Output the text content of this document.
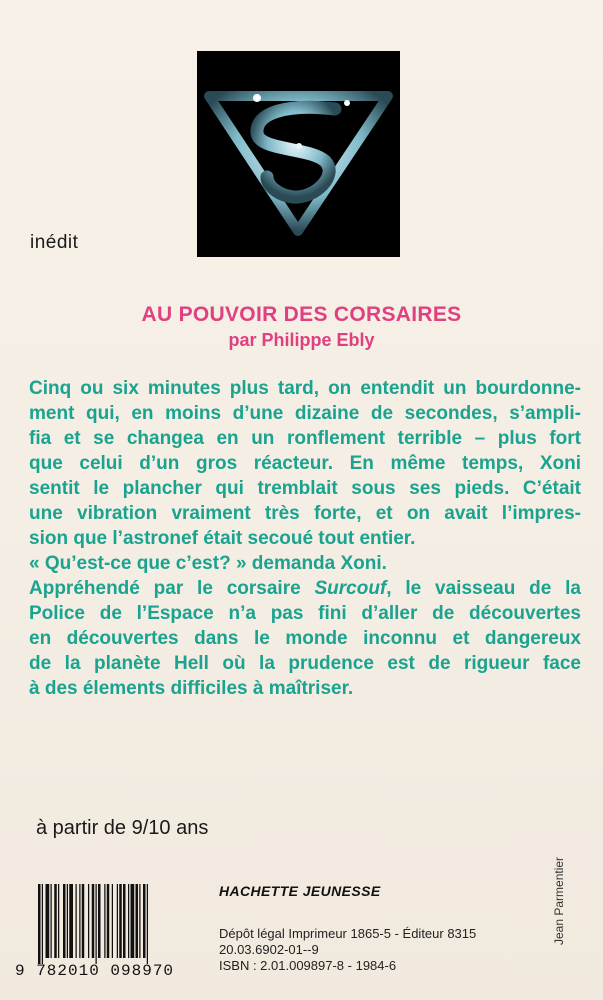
inédit
AU POUVOIR DES CORSAIRES
par Philippe Ebly
Cinq ou six minutes plus tard, on entendit un bourdonne-
ment qui, en moins d’une dizaine de secondes, s’ampli-
fia et se changea en un ronflement terrible – plus fort
que celui d’un gros réacteur. En même temps, Xoni
sentit le plancher qui tremblait sous ses pieds. C’était
une vibration vraiment très forte, et on avait l’impres-
sion que l’astronef était secoué tout entier.
« Qu’est-ce que c’est? » demanda Xoni.
Appréhendé par le corsaire Surcouf, le vaisseau de la
Police de l’Espace n’a pas fini d’aller de découvertes
en découvertes dans le monde inconnu et dangereux
de la planète Hell où la prudence est de rigueur face
à des élements difficiles à maîtriser.
à partir de 9/10 ans
9 782010 098970
HACHETTE JEUNESSE
Dépôt légal Imprimeur 1865-5 - Éditeur 8315
20.03.6902-01--9
ISBN : 2.01.009897-8 - 1984-6
Jean Parmentier
